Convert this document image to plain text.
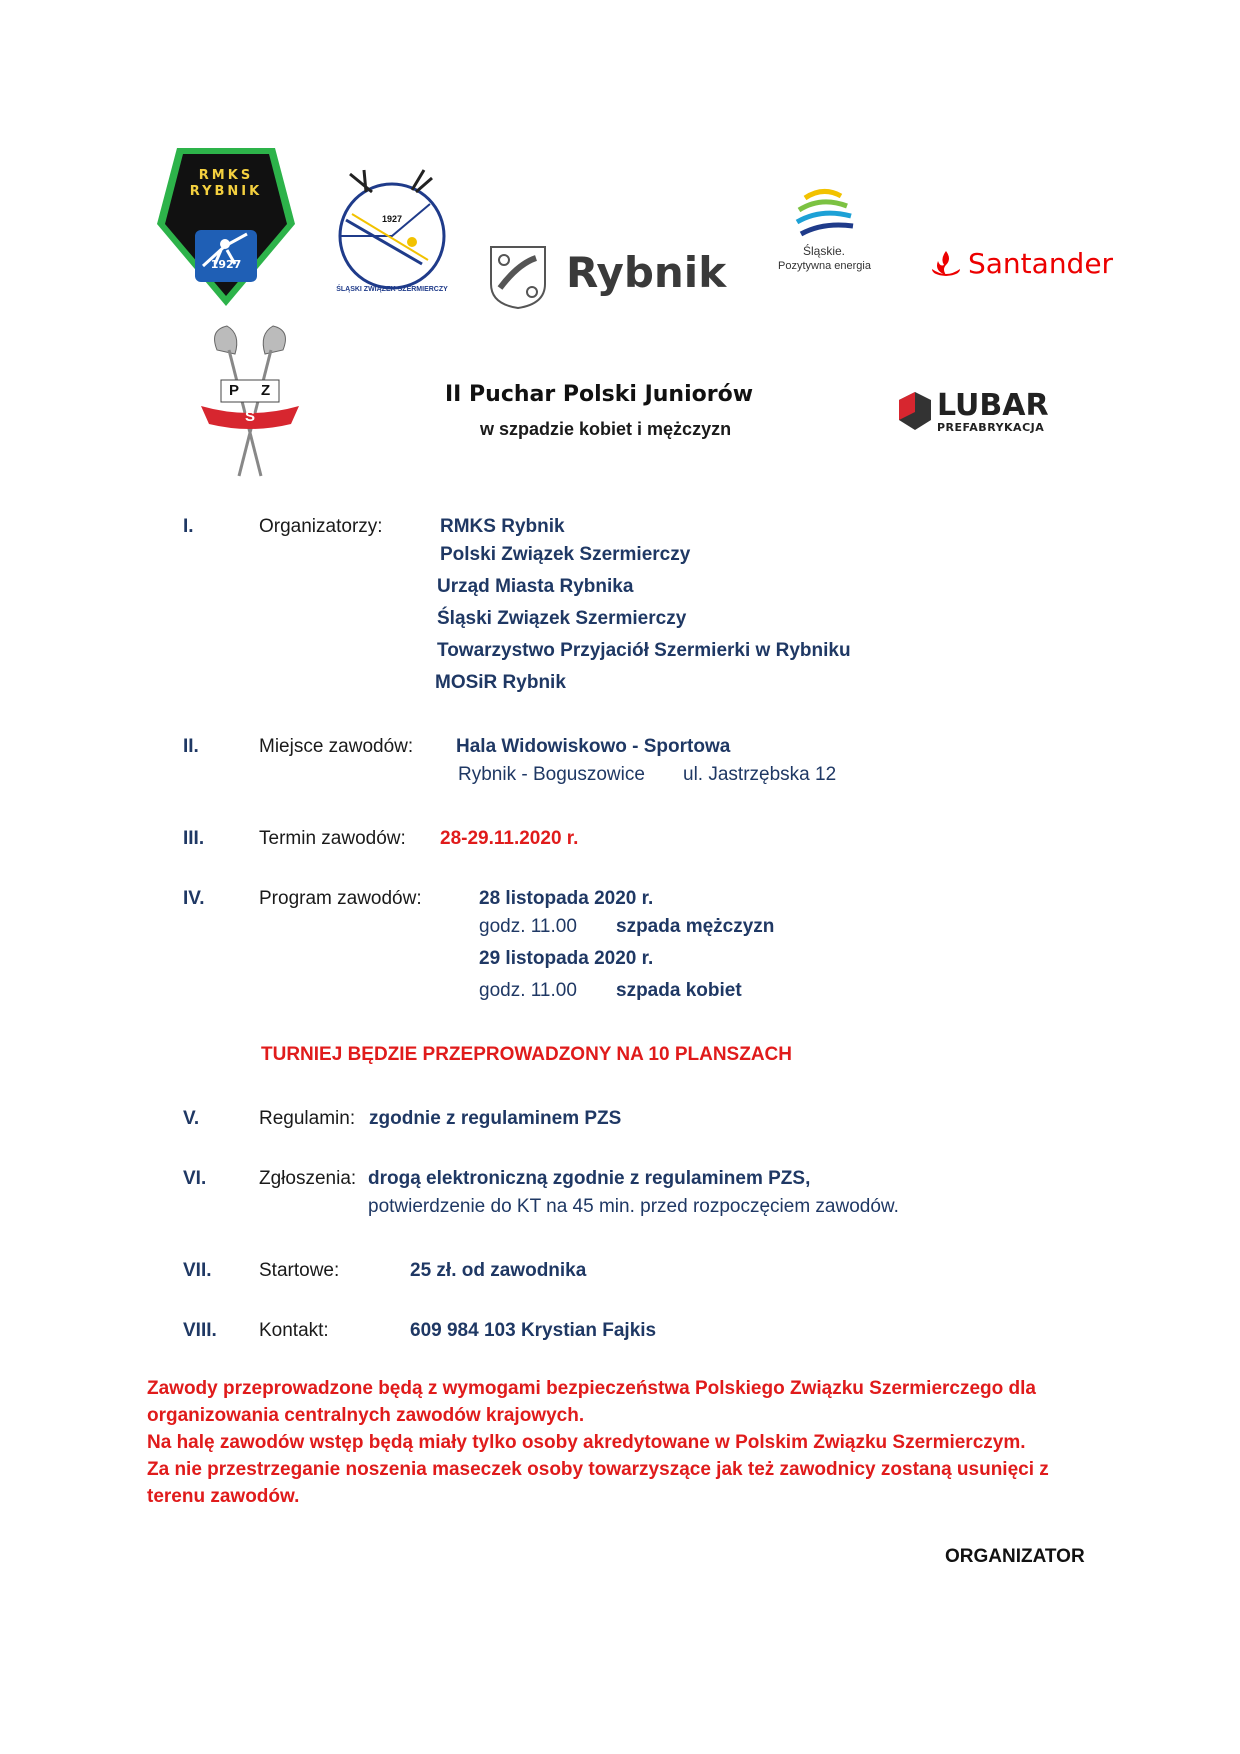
RMKS
RYBNIK
1927
1927
ŚLĄSKI ZWIĄZEK SZERMIERCZY	Rybnik	Śląskie.
Pozytywna energia	Santander
P Z
S	LUBAR
PREFABRYKACJA
II Puchar Polski Juniorów
w szpadzie kobiet i mężczyzn
I.	Organizatorzy:	RMKS Rybnik
Polski Związek Szermierczy
Urząd Miasta Rybnika
Śląski Związek Szermierczy
Towarzystwo Przyjaciół Szermierki w Rybniku
MOSiR Rybnik
II.	Miejsce zawodów: Hala Widowiskowo - Sportowa
Rybnik - Boguszowice ul. Jastrzębska 12
III.	Termin zawodów: 28-29.11.2020 r.
IV.	Program zawodów:	28 listopada 2020 r.
godz. 11.00 szpada mężczyzn
29 listopada 2020 r.
godz. 11.00 szpada kobiet
TURNIEJ BĘDZIE PRZEPROWADZONY NA 10 PLANSZACH
V.	Regulamin: zgodnie z regulaminem PZS
VI.	Zgłoszenia: drogą elektroniczną zgodnie z regulaminem PZS,
potwierdzenie do KT na 45 min. przed rozpoczęciem zawodów.
VII. Startowe:	25 zł. od zawodnika
VIII. Kontakt:	609 984 103 Krystian Fajkis
Zawody przeprowadzone będą z wymogami bezpieczeństwa Polskiego Związku Szermierczego dla
organizowania centralnych zawodów krajowych.
Na halę zawodów wstęp będą miały tylko osoby akredytowane w Polskim Związku Szermierczym.
Za nie przestrzeganie noszenia maseczek osoby towarzyszące jak też zawodnicy zostaną usunięci z
terenu zawodów.
ORGANIZATOR
